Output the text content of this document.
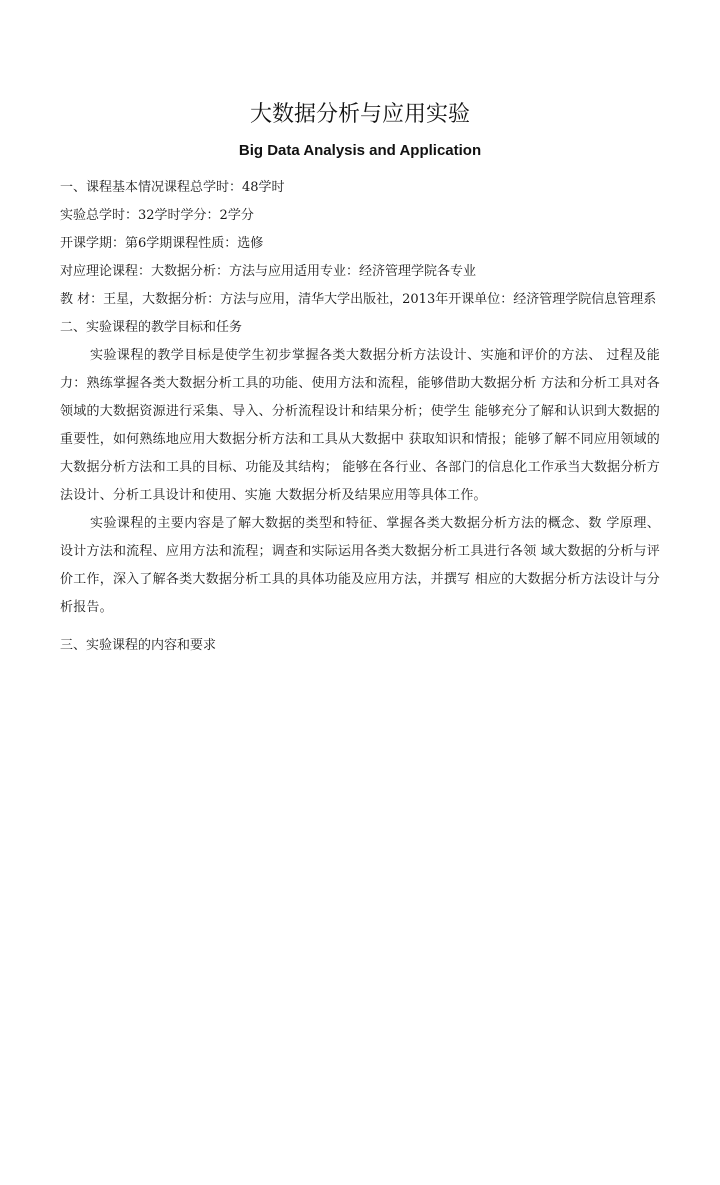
大数据分析与应用实验
Big Data Analysis and Application

一、课程基本情况课程总学时：48学时

实验总学时：32学时学分：2学分

开课学期：第6学期课程性质：选修

对应理论课程：大数据分析：方法与应用适用专业：经济管理学院各专业

教 材：王星，大数据分析：方法与应用，清华大学出版社，2013年开课单位：经济管理学院信息管理系

二、实验课程的教学目标和任务

实验课程的教学目标是使学生初步掌握各类大数据分析方法设计、实施和评价的方法、 过程及能力：熟练掌握各类大数据分析工具的功能、使用方法和流程，能够借助大数据分析 方法和分析工具对各领域的大数据资源进行采集、导入、分析流程设计和结果分析；使学生 能够充分了解和认识到大数据的重要性，如何熟练地应用大数据分析方法和工具从大数据中 获取知识和情报；能够了解不同应用领域的大数据分析方法和工具的目标、功能及其结构； 能够在各行业、各部门的信息化工作承当大数据分析方法设计、分析工具设计和使用、实施 大数据分析及结果应用等具体工作。

实验课程的主要内容是了解大数据的类型和特征、掌握各类大数据分析方法的概念、数 学原理、设计方法和流程、应用方法和流程；调查和实际运用各类大数据分析工具进行各领 域大数据的分析与评价工作，深入了解各类大数据分析工具的具体功能及应用方法，并撰写 相应的大数据分析方法设计与分析报告。

三、实验课程的内容和要求
